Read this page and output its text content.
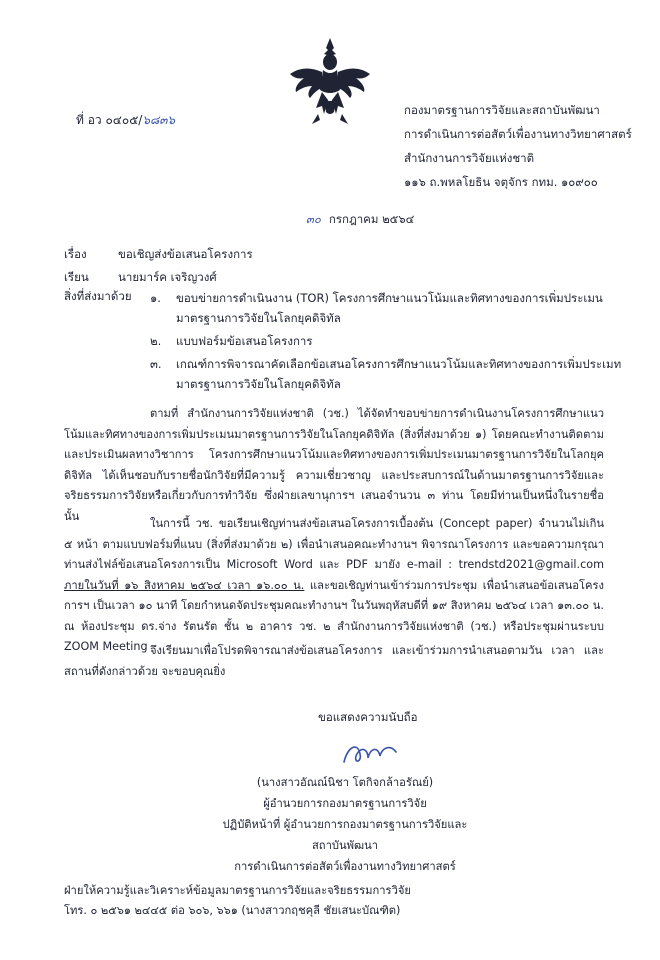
ที่ อว ๐๔๐๕/๖๘๓๖
กองมาตรฐานการวิจัยและสถาบันพัฒนา
การดำเนินการต่อสัตว์เพื่องานทางวิทยาศาสตร์
สำนักงานการวิจัยแห่งชาติ
๑๑๖ ถ.พหลโยธิน จตุจักร กทม. ๑๐๙๐๐
๓๐ กรกฎาคม ๒๕๖๔
เรื่อง	ขอเชิญส่งข้อเสนอโครงการ
เรียน	นายมาร์ค เจริญวงศ์
สิ่งที่ส่งมาด้วย ๑. ขอบข่ายการดำเนินงาน (TOR) โครงการศึกษาแนวโน้มและทิศทางของการเพิ่มประเมนมาตรฐานการวิจัยในโลกยุคดิจิทัล
๒. แบบฟอร์มข้อเสนอโครงการ
๓. เกณฑ์การพิจารณาคัดเลือกข้อเสนอโครงการศึกษาแนวโน้มและทิศทางของการเพิ่มประเมทมาตรฐานการวิจัยในโลกยุคดิจิทัล
ตามที่ สำนักงานการวิจัยแห่งชาติ (วช.) ได้จัดทำขอบข่ายการดำเนินงานโครงการศึกษาแนวโน้มและทิศทางของการเพิ่มประเมนมาตรฐานการวิจัยในโลกยุคดิจิทัล (สิ่งที่ส่งมาด้วย ๑) โดยคณะทำงานติดตามและประเมินผลทางวิชาการ โครงการศึกษาแนวโน้มและทิศทางของการเพิ่มประเมนมาตรฐานการวิจัยในโลกยุคดิจิทัล ได้เห็นชอบกับรายชื่อนักวิจัยที่มีความรู้ ความเชี่ยวชาญ และประสบการณ์ในด้านมาตรฐานการวิจัยและจริยธรรมการวิจัยหรือเกี่ยวกับการทำวิจัย ซึ่งฝ่ายเลขานุการฯ เสนอจำนวน ๓ ท่าน โดยมีท่านเป็นหนึ่งในรายชื่อ นั้น
ในการนี้ วช. ขอเรียนเชิญท่านส่งข้อเสนอโครงการเบื้องต้น (Concept paper) จำนวนไม่เกิน ๕ หน้า ตามแบบฟอร์มที่แนบ (สิ่งที่ส่งมาด้วย ๒) เพื่อนำเสนอคณะทำงานฯ พิจารณาโครงการ และขอความกรุณาท่านส่งไฟล์ข้อเสนอโครงการเป็น Microsoft Word และ PDF มายัง e-mail : trendstd2021@gmail.com ภายในวันที่ ๑๖ สิงหาคม ๒๕๖๔ เวลา ๑๖.๐๐ น. และขอเชิญท่านเข้าร่วมการประชุม เพื่อนำเสนอข้อเสนอโครงการฯ เป็นเวลา ๑๐ นาที โดยกำหนดจัดประชุมคณะทำงานฯ ในวันพฤหัสบดีที่ ๑๙ สิงหาคม ๒๕๖๔ เวลา ๑๓.๐๐ น. ณ ห้องประชุม ดร.จ่าง รัตนรัต ชั้น ๒ อาคาร วช. ๒ สำนักงานการวิจัยแห่งชาติ (วช.) หรือประชุมผ่านระบบ ZOOM Meeting จึงเรียนมาเพื่อโปรดพิจารณาส่งข้อเสนอโครงการ และเข้าร่วมการนำเสนอตามวัน เวลา และสถานที่ดังกล่าวด้วย จะขอบคุณยิ่ง
ขอแสดงความนับถือ
(นางสาวอัณณ์นิชา โตกิจกล้าอรัณย์)
ผู้อำนวยการกองมาตรฐานการวิจัย
ปฏิบัติหน้าที่ ผู้อำนวยการกองมาตรฐานการวิจัยและสถาบันพัฒนา
การดำเนินการต่อสัตว์เพื่องานทางวิทยาศาสตร์
ฝ่ายให้ความรู้และวิเคราะห์ข้อมูลมาตรฐานการวิจัยและจริยธรรมการวิจัย
โทร. ๐ ๒๕๖๑ ๒๔๔๕ ต่อ ๖๐๖, ๖๖๑ (นางสาวกฤชคุลี ชัยเสนะบัณฑิต)
